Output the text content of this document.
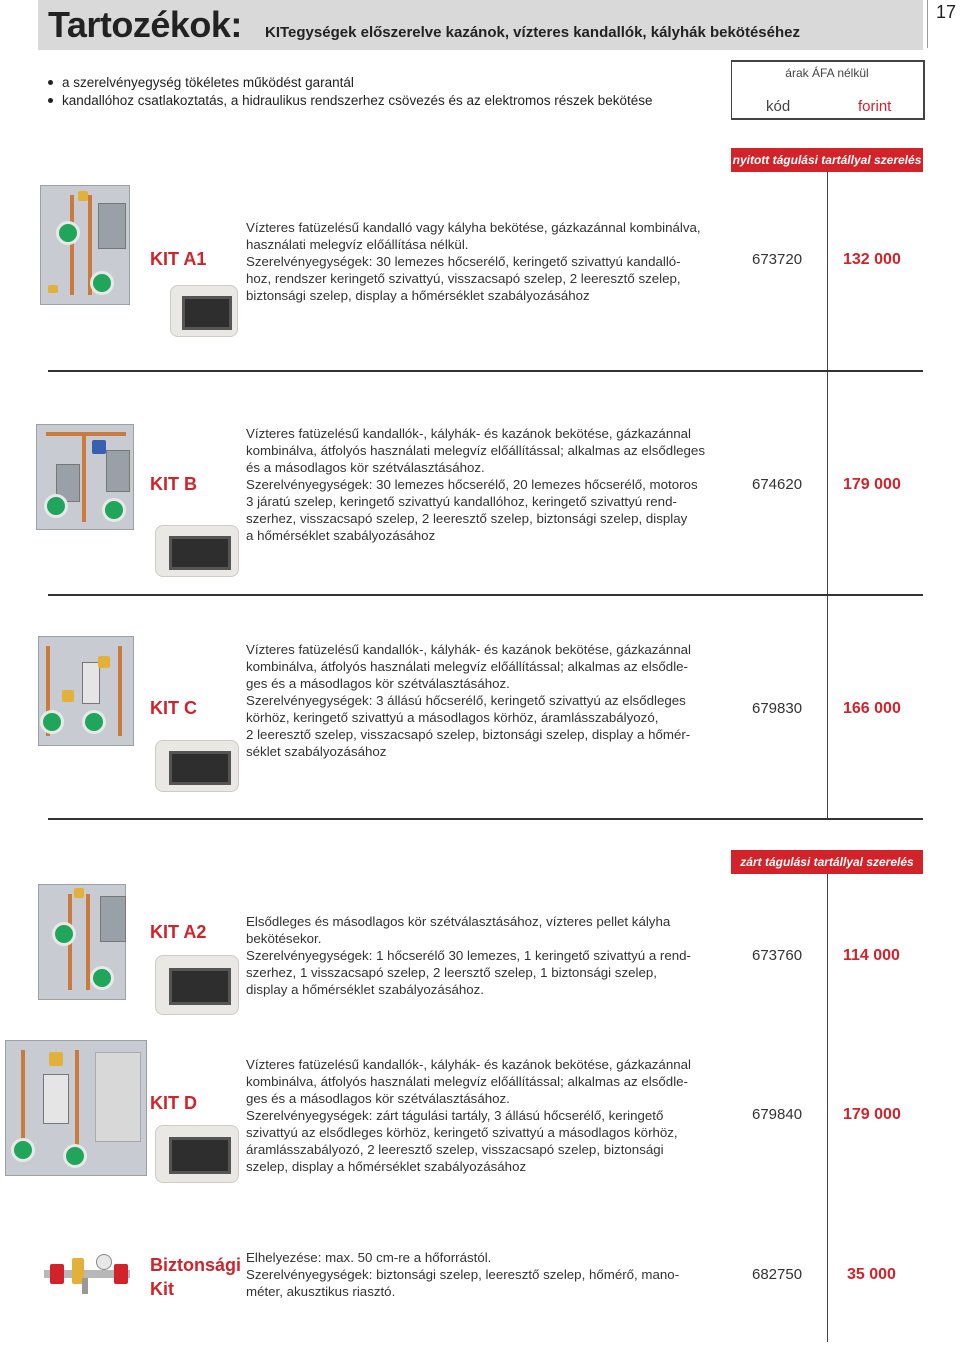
Tartozékok: KITegységek előszerelve kazánok, vízteres kandallók, kályhák bekötéséhez
17
a szerelvényegység tökéletes működést garantál
kandallóhoz csatlakoztatás, a hidraulikus rendszerhez csövezés és az elektromos részek bekötése
árak ÁFA nélkül
kód	forint
nyitott tágulási tartállyal szerelés
KIT A1
Vízteres fatüzelésű kandalló vagy kályha bekötése, gázkazánnal kombinálva,
használati melegvíz előállítása nélkül.
Szerelvényegységek: 30 lemezes hőcserélő, keringető szivattyú kandalló-
hoz, rendszer keringető szivattyú, visszacsapó szelep, 2 leeresztő szelep,
biztonsági szelep, display a hőmérséklet szabályozásához
673720	132 000
KIT B
Vízteres fatüzelésű kandallók-, kályhák- és kazánok bekötése, gázkazánnal
kombinálva, átfolyós használati melegvíz előállítással; alkalmas az elsődleges
és a másodlagos kör szétválasztásához.
Szerelvényegységek: 30 lemezes hőcserélő, 20 lemezes hőcserélő, motoros
3 járatú szelep, keringető szivattyú kandallóhoz, keringető szivattyú rend-
szerhez, visszacsapó szelep, 2 leeresztő szelep, biztonsági szelep, display
a hőmérséklet szabályozásához
674620	179 000
KIT C
Vízteres fatüzelésű kandallók-, kályhák- és kazánok bekötése, gázkazánnal
kombinálva, átfolyós használati melegvíz előállítással; alkalmas az elsődle-
ges és a másodlagos kör szétválasztásához.
Szerelvényegységek: 3 állású hőcserélő, keringető szivattyú az elsődleges
körhöz, keringető szivattyú a másodlagos körhöz, áramlásszabályozó,
2 leeresztő szelep, visszacsapó szelep, biztonsági szelep, display a hőmér-
séklet szabályozásához
679830	166 000
zárt tágulási tartállyal szerelés
KIT A2
Elsődleges és másodlagos kör szétválasztásához, vízteres pellet kályha
bekötésekor.
Szerelvényegységek: 1 hőcserélő 30 lemezes, 1 keringető szivattyú a rend-
szerhez, 1 visszacsapó szelep, 2 leersztő szelep, 1 biztonsági szelep,
display a hőmérséklet szabályozásához.
673760	114 000
KIT D
Vízteres fatüzelésű kandallók-, kályhák- és kazánok bekötése, gázkazánnal
kombinálva, átfolyós használati melegvíz előállítással; alkalmas az elsődle-
ges és a másodlagos kör szétválasztásához.
Szerelvényegységek: zárt tágulási tartály, 3 állású hőcserélő, keringető
szivattyú az elsődleges körhöz, keringető szivattyú a másodlagos körhöz,
áramlásszabályozó, 2 leeresztő szelep, visszacsapó szelep, biztonsági
szelep, display a hőmérséklet szabályozásához
679840	179 000
Biztonsági
Kit
Elhelyezése: max. 50 cm-re a hőforrástól.
Szerelvényegységek: biztonsági szelep, leeresztő szelep, hőmérő, mano-
méter, akusztikus riasztó.
682750	35 000
